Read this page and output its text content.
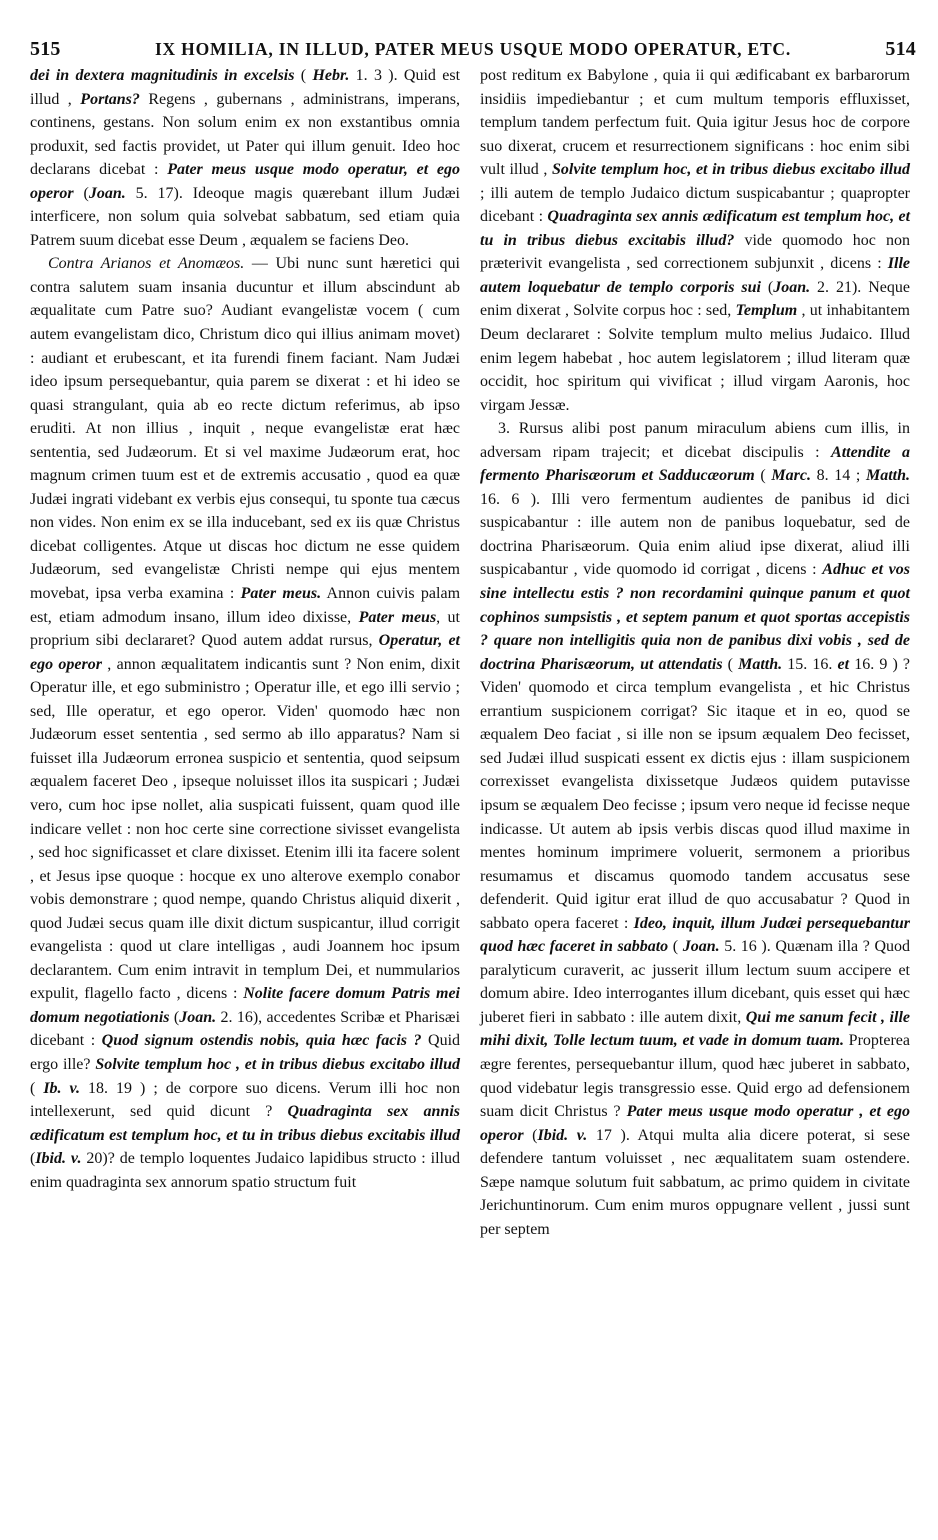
515	IX HOMILIA, IN ILLUD, PATER MEUS USQUE MODO OPERATUR, ETC.	514

dei in dextera magnitudinis in excelsis ( Hebr. 1. 3 ). Quid est illud , Portans? Regens , gubernans , administrans, imperans, continens, gestans. Non solum enim ex non exstantibus omnia produxit, sed factis providet, ut Pater qui illum genuit. Ideo hoc declarans dicebat : Pater meus usque modo operatur, et ego operor (Joan. 5. 17). Ideoque magis quærebant illum Judæi interficere, non solum quia solvebat sabbatum, sed etiam quia Patrem suum dicebat esse Deum , æqualem se faciens Deo.

Contra Arianos et Anomæos. — Ubi nunc sunt hæretici qui contra salutem suam insania ducuntur et illum abscindunt ab æqualitate cum Patre suo? Audiant evangelistæ vocem ( cum autem evangelistam dico, Christum dico qui illius animam movet) : audiant et erubescant, et ita furendi finem faciant. Nam Judæi ideo ipsum persequebantur, quia parem se dixerat : et hi ideo se quasi strangulant, quia ab eo recte dictum referimus, ab ipso eruditi. At non illius , inquit , neque evangelistæ erat hæc sententia, sed Judæorum. Et si vel maxime Judæorum erat, hoc magnum crimen tuum est et de extremis accusatio , quod ea quæ Judæi ingrati videbant ex verbis ejus consequi, tu sponte tua cæcus non vides. Non enim ex se illa inducebant, sed ex iis quæ Christus dicebat colligentes. Atque ut discas hoc dictum ne esse quidem Judæorum, sed evangelistæ Christi nempe qui ejus mentem movebat, ipsa verba examina : Pater meus. Annon cuivis palam est, etiam admodum insano, illum ideo dixisse, Pater meus, ut proprium sibi declararet? Quod autem addat rursus, Operatur, et ego operor , annon æqualitatem indicantis sunt ? Non enim, dixit Operatur ille, et ego subministro ; Operatur ille, et ego illi servio ; sed, Ille operatur, et ego operor. Viden' quomodo hæc non Judæorum esset sententia , sed sermo ab illo apparatus? Nam si fuisset illa Judæorum erronea suspicio et sententia, quod seipsum æqualem faceret Deo , ipseque noluisset illos ita suspicari ; Judæi vero, cum hoc ipse nollet, alia suspicati fuissent, quam quod ille indicare vellet : non hoc certe sine correctione sivisset evangelista , sed hoc significasset et clare dixisset. Etenim illi ita facere solent , et Jesus ipse quoque : hocque ex uno alterove exemplo conabor vobis demonstrare ; quod nempe, quando Christus aliquid dixerit , quod Judæi secus quam ille dixit dictum suspicantur, illud corrigit evangelista : quod ut clare intelligas , audi Joannem hoc ipsum declarantem. Cum enim intravit in templum Dei, et nummularios expulit, flagello facto , dicens : Nolite facere domum Patris mei domum negotiationis (Joan. 2. 16), accedentes Scribæ et Pharisæi dicebant : Quod signum ostendis nobis, quia hæc facis ? Quid ergo ille? Solvite templum hoc , et in tribus diebus excitabo illud ( Ib. v. 18. 19 ) ; de corpore suo dicens. Verum illi hoc non intellexerunt, sed quid dicunt ? Quadraginta sex annis ædificatum est templum hoc, et tu in tribus diebus excitabis illud (Ibid. v. 20)? de templo loquentes Judaico lapidibus structo : illud enim quadraginta sex annorum spatio structum fuit

post reditum ex Babylone , quia ii qui ædificabant ex barbarorum insidiis impediebantur ; et cum multum temporis effluxisset, templum tandem perfectum fuit. Quia igitur Jesus hoc de corpore suo dixerat, crucem et resurrectionem significans : hoc enim sibi vult illud , Solvite templum hoc, et in tribus diebus excitabo illud ; illi autem de templo Judaico dictum suspicabantur ; quapropter dicebant : Quadraginta sex annis ædificatum est templum hoc, et tu in tribus diebus excitabis illud? vide quomodo hoc non præterivit evangelista , sed correctionem subjunxit , dicens : Ille autem loquebatur de templo corporis sui (Joan. 2. 21). Neque enim dixerat , Solvite corpus hoc : sed, Templum , ut inhabitantem Deum declararet : Solvite templum multo melius Judaico. Illud enim legem habebat , hoc autem legislatorem ; illud literam quæ occidit, hoc spiritum qui vivificat ; illud virgam Aaronis, hoc virgam Jessæ.

3. Rursus alibi post panum miraculum abiens cum illis, in adversam ripam trajecit; et dicebat discipulis : Attendite a fermento Pharisæorum et Sadducæorum ( Marc. 8. 14 ; Matth. 16. 6 ). Illi vero fermentum audientes de panibus id dici suspicabantur : ille autem non de panibus loquebatur, sed de doctrina Pharisæorum. Quia enim aliud ipse dixerat, aliud illi suspicabantur , vide quomodo id corrigat , dicens : Adhuc et vos sine intellectu estis ? non recordamini quinque panum et quot cophinos sumpsistis , et septem panum et quot sportas accepistis ? quare non intelligitis quia non de panibus dixi vobis , sed de doctrina Pharisæorum, ut attendatis ( Matth. 15. 16. et 16. 9 ) ? Viden' quomodo et circa templum evangelista , et hic Christus errantium suspicionem corrigat? Sic itaque et in eo, quod se æqualem Deo faciat , si ille non se ipsum æqualem Deo fecisset, sed Judæi illud suspicati essent ex dictis ejus : illam suspicionem correxisset evangelista dixissetque Judæos quidem putavisse ipsum se æqualem Deo fecisse ; ipsum vero neque id fecisse neque indicasse. Ut autem ab ipsis verbis discas quod illud maxime in mentes hominum imprimere voluerit, sermonem a prioribus resumamus et discamus quomodo tandem accusatus sese defenderit. Quid igitur erat illud de quo accusabatur ? Quod in sabbato opera faceret : Ideo, inquit, illum Judæi persequebantur quod hæc faceret in sabbato ( Joan. 5. 16 ). Quænam illa ? Quod paralyticum curaverit, ac jusserit illum lectum suum accipere et domum abire. Ideo interrogantes illum dicebant, quis esset qui hæc juberet fieri in sabbato : ille autem dixit, Qui me sanum fecit , ille mihi dixit, Tolle lectum tuum, et vade in domum tuam. Propterea ægre ferentes, persequebantur illum, quod hæc juberet in sabbato, quod videbatur legis transgressio esse. Quid ergo ad defensionem suam dicit Christus ? Pater meus usque modo operatur , et ego operor (Ibid. v. 17 ). Atqui multa alia dicere poterat, si sese defendere tantum voluisset , nec æqualitatem suam ostendere. Sæpe namque solutum fuit sabbatum, ac primo quidem in civitate Jerichuntinorum. Cum enim muros oppugnare vellent , jussi sunt per septem
